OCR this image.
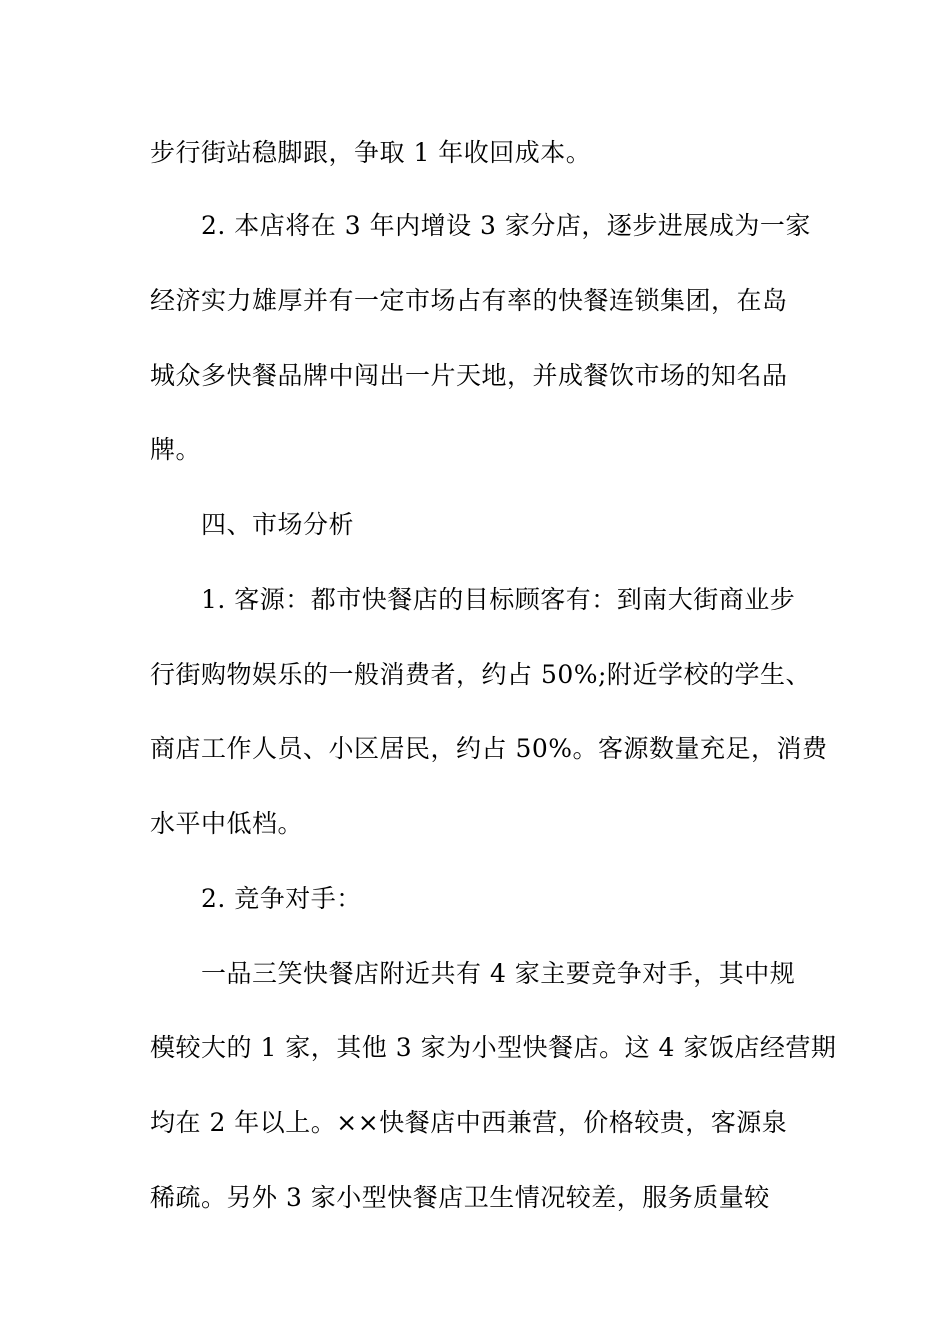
步行街站稳脚跟，争取 1 年收回成本。
2. 本店将在 3 年内增设 3 家分店，逐步进展成为一家
经济实力雄厚并有一定市场占有率的快餐连锁集团，在岛
城众多快餐品牌中闯出一片天地，并成餐饮市场的知名品
牌。
四、市场分析
1. 客源：都市快餐店的目标顾客有：到南大街商业步
行街购物娱乐的一般消费者，约占 50%;附近学校的学生、
商店工作人员、小区居民，约占 50%。客源数量充足，消费
水平中低档。
2. 竞争对手：
一品三笑快餐店附近共有 4 家主要竞争对手，其中规
模较大的 1 家，其他 3 家为小型快餐店。这 4 家饭店经营期
均在 2 年以上。××快餐店中西兼营，价格较贵，客源泉
稀疏。另外 3 家小型快餐店卫生情况较差，服务质量较
